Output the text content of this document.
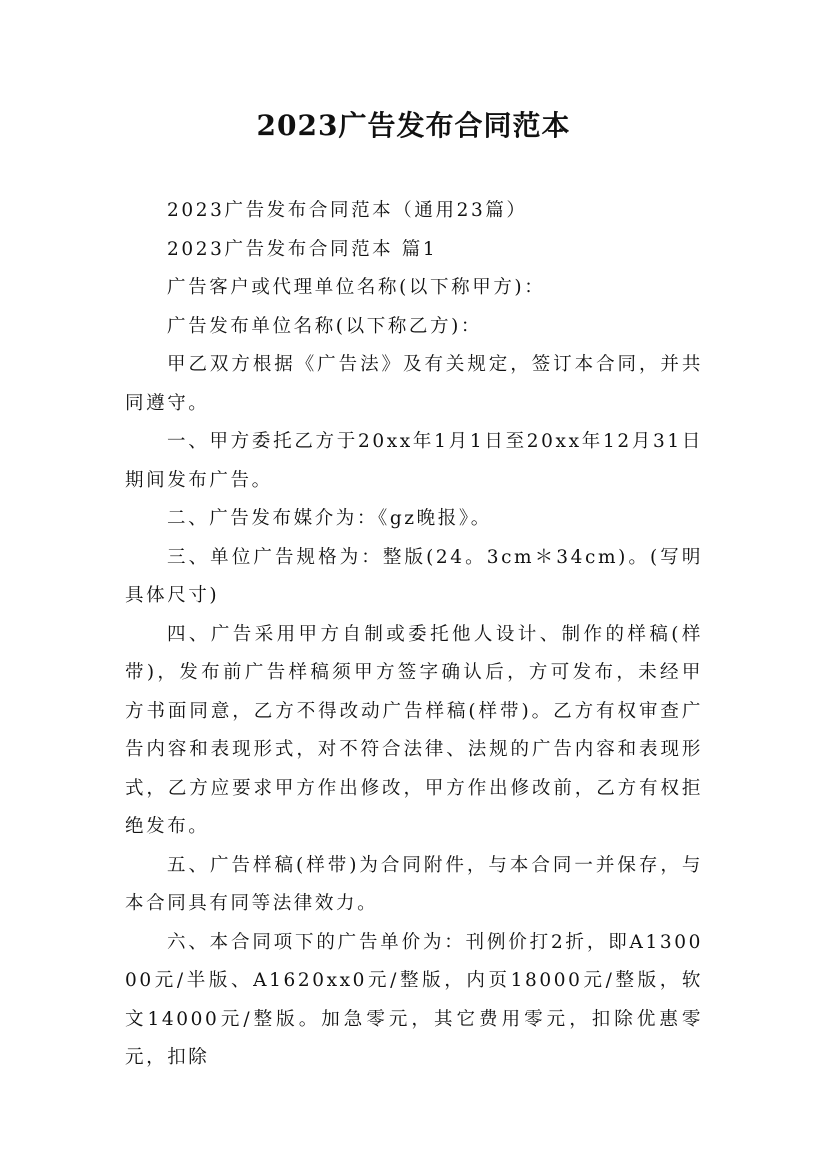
2023广告发布合同范本

2023广告发布合同范本（通用23篇）

2023广告发布合同范本 篇1

广告客户或代理单位名称(以下称甲方)：

广告发布单位名称(以下称乙方)：

甲乙双方根据《广告法》及有关规定，签订本合同，并共同遵守。

一、甲方委托乙方于20xx年1月1日至20xx年12月31日期间发布广告。

二、广告发布媒介为：《gz晚报》。

三、单位广告规格为：整版(24。3cm＊34cm)。(写明具体尺寸)

四、广告采用甲方自制或委托他人设计、制作的样稿(样带)，发布前广告样稿须甲方签字确认后，方可发布，未经甲方书面同意，乙方不得改动广告样稿(样带)。乙方有权审查广告内容和表现形式，对不符合法律、法规的广告内容和表现形式，乙方应要求甲方作出修改，甲方作出修改前，乙方有权拒绝发布。

五、广告样稿(样带)为合同附件，与本合同一并保存，与本合同具有同等法律效力。

六、本合同项下的广告单价为：刊例价打2折，即A130000元/半版、A1620xx0元/整版，内页18000元/整版，软文14000元/整版。加急零元，其它费用零元，扣除优惠零元，扣除
